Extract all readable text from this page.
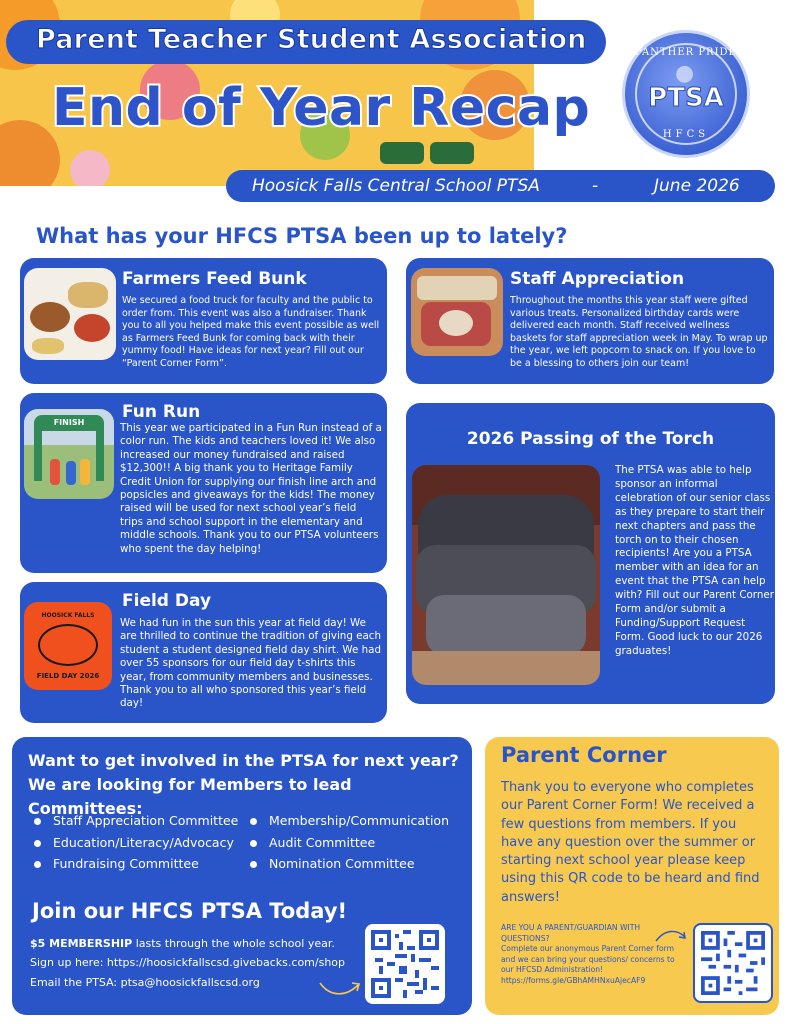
Parent Teacher Student Association
End of Year Recap
PANTHER PRIDE
●
PTSA
HFCS
Hoosick Falls Central School PTSA	-	June 2026
What has your HFCS PTSA been up to lately?
Farmers Feed Bunk

We secured a food truck for faculty and the public to order from. This event was also a fundraiser. Thank you to all you helped make this event possible as well as Farmers Feed Bunk for coming back with their yummy food! Have ideas for next year? Fill out our “Parent Corner Form”.

Staff Appreciation

Throughout the months this year staff were gifted various treats. Personalized birthday cards were delivered each month. Staff received wellness baskets for staff appreciation week in May. To wrap up the year, we left popcorn to snack on. If you love to be a blessing to others join our team!

FINISH
Fun Run

This year we participated in a Fun Run instead of a color run. The kids and teachers loved it! We also increased our money fundraised and raised $12,300!! A big thank you to Heritage Family Credit Union for supplying our finish line arch and popsicles and giveaways for the kids! The money raised will be used for next school year’s field trips and school support in the elementary and middle schools. Thank you to our PTSA volunteers who spent the day helping!

2026 Passing of the Torch

The PTSA was able to help sponsor an informal celebration of our senior class as they prepare to start their next chapters and pass the torch on to their chosen recipients! Are you a PTSA member with an idea for an event that the PTSA can help with? Fill out our Parent Corner Form and/or submit a Funding/Support Request Form. Good luck to our 2026 graduates!

HOOSICK FALLS
FIELD DAY 2026
Field Day

We had fun in the sun this year at field day! We are thrilled to continue the tradition of giving each student a student designed field day shirt. We had over 55 sponsors for our field day t-shirts this year, from community members and businesses. Thank you to all who sponsored this year’s field day!

Want to get involved in the PTSA for next year? We are looking for Members to lead Committees:
Staff Appreciation Committee
Education/Literacy/Advocacy
Fundraising Committee
Membership/Communication
Audit Committee
Nomination Committee
Join our HFCS PTSA Today!
$5 MEMBERSHIP lasts through the whole school year.
Sign up here: https://hoosickfallscsd.givebacks.com/shop
Email the PTSA: ptsa@hoosickfallscsd.org
Parent Corner
Thank you to everyone who completes our Parent Corner Form! We received a few questions from members. If you have any question over the summer or starting next school year please keep using this QR code to be heard and find answers!
ARE YOU A PARENT/GUARDIAN WITH QUESTIONS?
Complete our anonymous Parent Corner form and we can bring your questions/ concerns to our HFCSD Administration!
https://forms.gle/GBhAMHNxuAjecAF9
